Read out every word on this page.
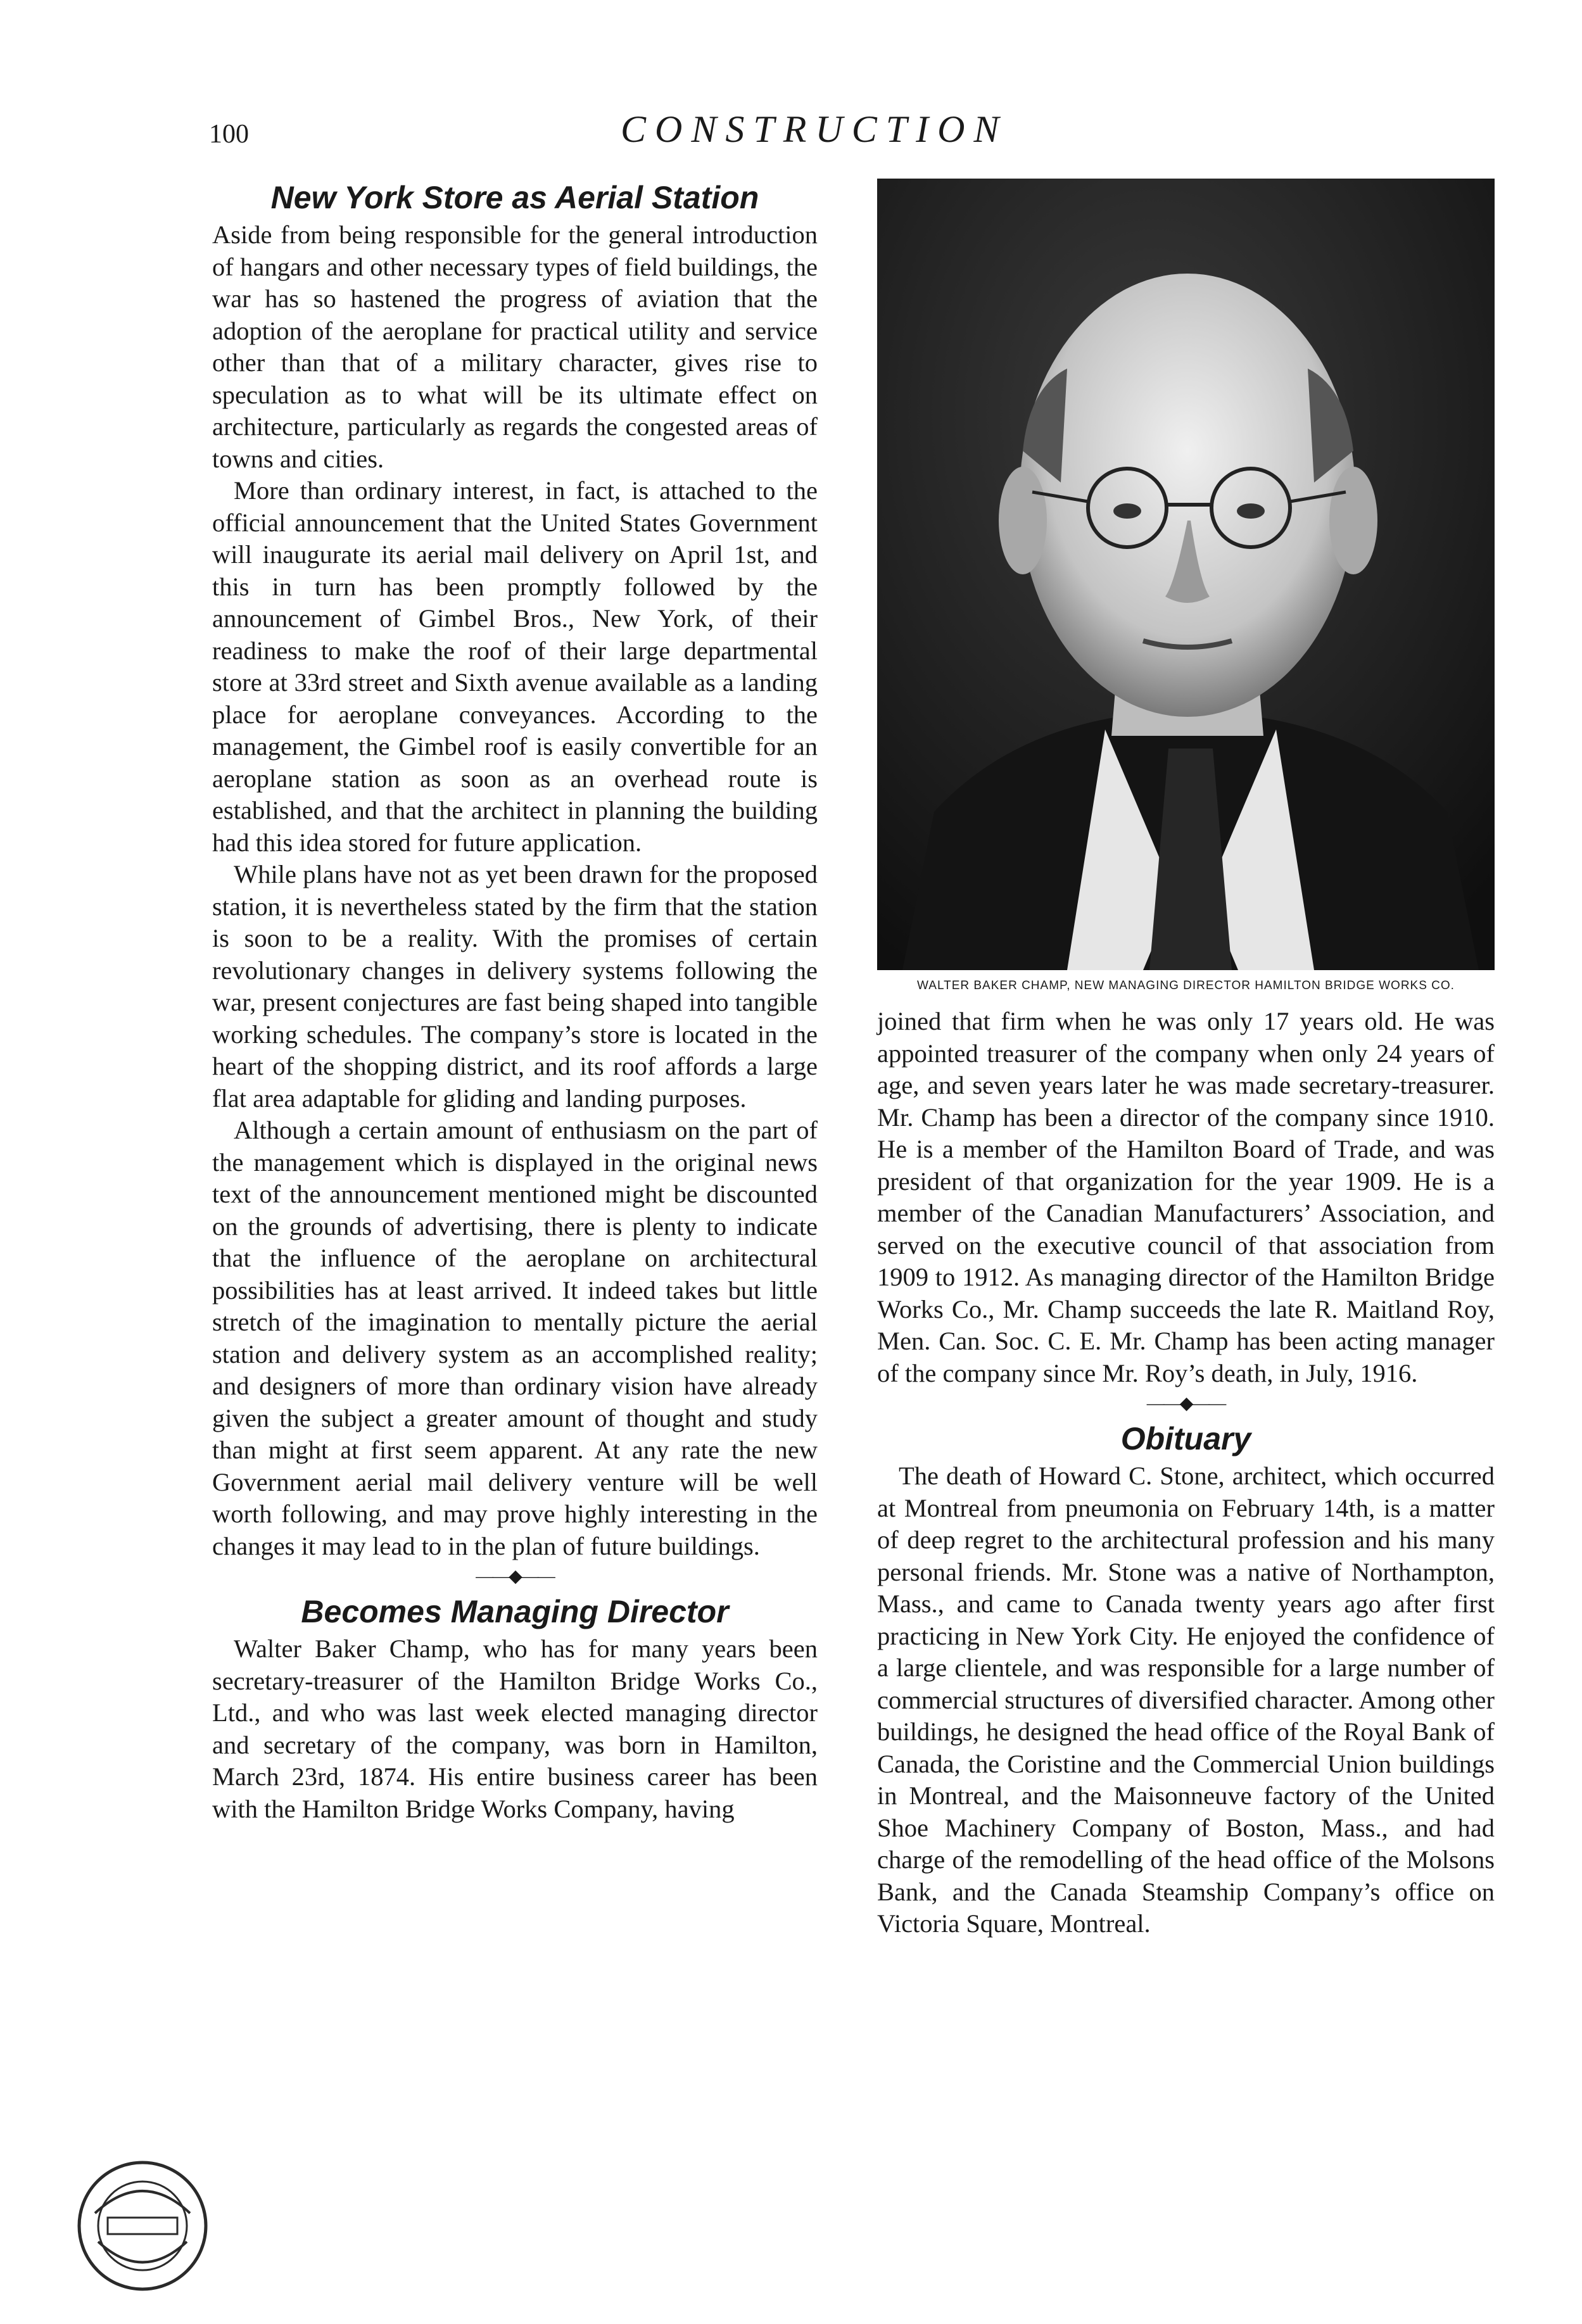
100	CONSTRUCTION
New York Store as Aerial Station

Aside from being responsible for the general introduction of hangars and other necessary types of field buildings, the war has so hastened the progress of aviation that the adoption of the aeroplane for practical utility and service other than that of a military character, gives rise to speculation as to what will be its ultimate effect on architecture, particularly as regards the congested areas of towns and cities.

More than ordinary interest, in fact, is attached to the official announcement that the United States Government will inaugurate its aerial mail delivery on April 1st, and this in turn has been promptly followed by the announcement of Gimbel Bros., New York, of their readiness to make the roof of their large departmental store at 33rd street and Sixth avenue available as a landing place for aeroplane conveyances. According to the management, the Gimbel roof is easily convertible for an aeroplane station as soon as an overhead route is established, and that the architect in planning the building had this idea stored for future application.

While plans have not as yet been drawn for the proposed station, it is nevertheless stated by the firm that the station is soon to be a reality. With the promises of certain revolutionary changes in delivery systems following the war, present conjectures are fast being shaped into tangible working schedules. The company’s store is located in the heart of the shopping district, and its roof affords a large flat area adaptable for gliding and landing purposes.

Although a certain amount of enthusiasm on the part of the management which is displayed in the original news text of the announcement mentioned might be discounted on the grounds of advertising, there is plenty to indicate that the influence of the aeroplane on architectural possibilities has at least arrived. It indeed takes but little stretch of the imagination to mentally picture the aerial station and delivery system as an accomplished reality; and designers of more than ordinary vision have already given the subject a greater amount of thought and study than might at first seem apparent. At any rate the new Government aerial mail delivery venture will be well worth following, and may prove highly interesting in the changes it may lead to in the plan of future buildings.

——◆——
Becomes Managing Director

Walter Baker Champ, who has for many years been secretary-treasurer of the Hamilton Bridge Works Co., Ltd., and who was last week elected managing director and secretary of the company, was born in Hamilton, March 23rd, 1874. His entire business career has been with the Hamilton Bridge Works Company, having

WALTER BAKER CHAMP, NEW MANAGING DIRECTOR HAMILTON BRIDGE WORKS CO.

joined that firm when he was only 17 years old. He was appointed treasurer of the company when only 24 years of age, and seven years later he was made secretary-treasurer. Mr. Champ has been a director of the company since 1910. He is a member of the Hamilton Board of Trade, and was president of that organization for the year 1909. He is a member of the Canadian Manufacturers’ Association, and served on the executive council of that association from 1909 to 1912. As managing director of the Hamilton Bridge Works Co., Mr. Champ succeeds the late R. Maitland Roy, Men. Can. Soc. C. E. Mr. Champ has been acting manager of the company since Mr. Roy’s death, in July, 1916.

——◆——
Obituary

The death of Howard C. Stone, architect, which occurred at Montreal from pneumonia on February 14th, is a matter of deep regret to the architectural profession and his many personal friends. Mr. Stone was a native of Northampton, Mass., and came to Canada twenty years ago after first practicing in New York City. He enjoyed the confidence of a large clientele, and was responsible for a large number of commercial structures of diversified character. Among other buildings, he designed the head office of the Royal Bank of Canada, the Coristine and the Commercial Union buildings in Montreal, and the Maisonneuve factory of the United Shoe Machinery Company of Boston, Mass., and had charge of the remodelling of the head office of the Molsons Bank, and the Canada Steamship Company’s office on Victoria Square, Montreal.
